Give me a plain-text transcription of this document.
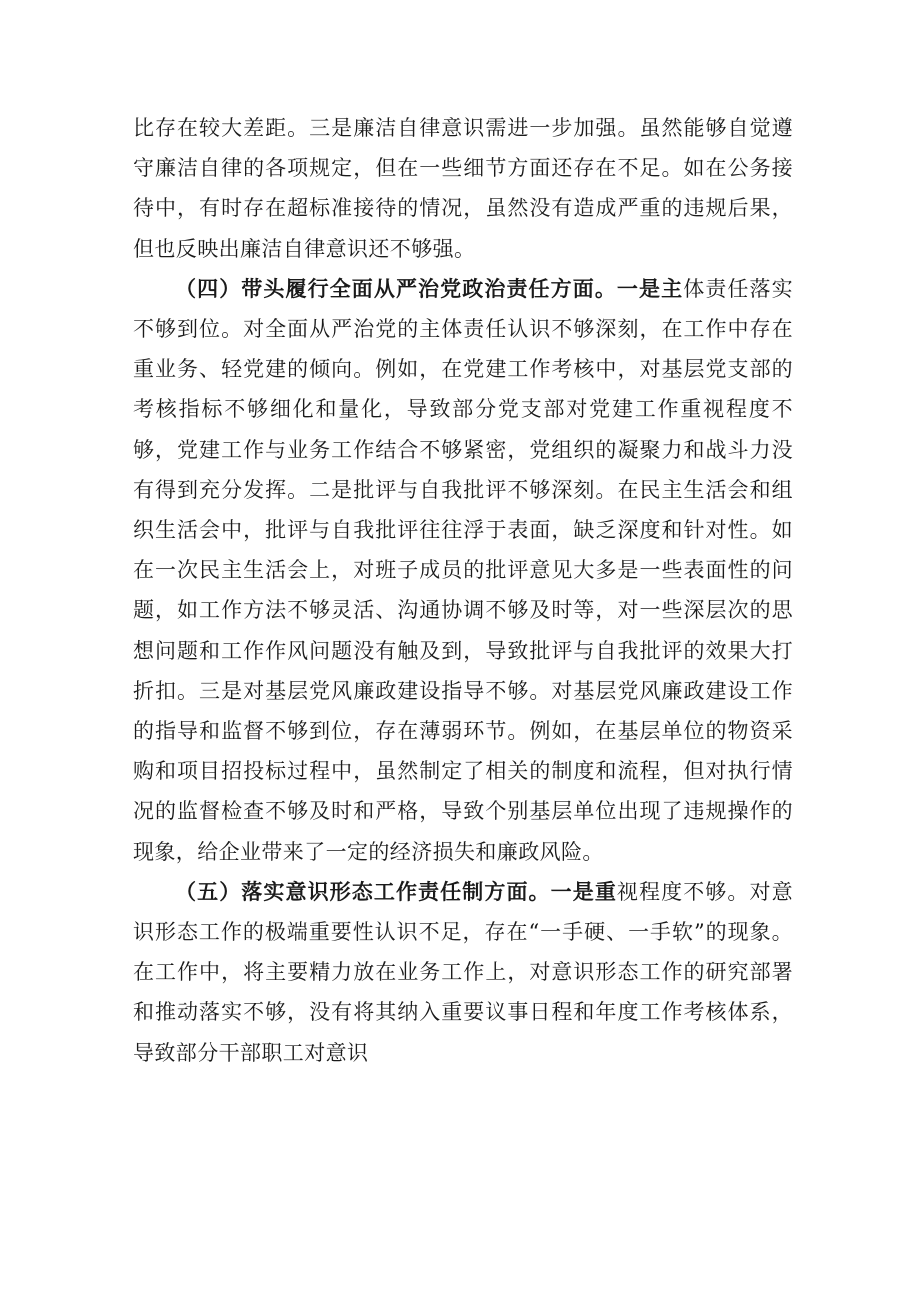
比存在较大差距。三是廉洁自律意识需进一步加强。虽然能够自觉遵守廉洁自律的各项规定，但在一些细节方面还存在不足。如在公务接待中，有时存在超标准接待的情况，虽然没有造成严重的违规后果，但也反映出廉洁自律意识还不够强。

（四）带头履行全面从严治党政治责任方面。一是主体责任落实不够到位。对全面从严治党的主体责任认识不够深刻，在工作中存在重业务、轻党建的倾向。例如，在党建工作考核中，对基层党支部的考核指标不够细化和量化，导致部分党支部对党建工作重视程度不够，党建工作与业务工作结合不够紧密，党组织的凝聚力和战斗力没有得到充分发挥。二是批评与自我批评不够深刻。在民主生活会和组织生活会中，批评与自我批评往往浮于表面，缺乏深度和针对性。如在一次民主生活会上，对班子成员的批评意见大多是一些表面性的问题，如工作方法不够灵活、沟通协调不够及时等，对一些深层次的思想问题和工作作风问题没有触及到，导致批评与自我批评的效果大打折扣。三是对基层党风廉政建设指导不够。对基层党风廉政建设工作的指导和监督不够到位，存在薄弱环节。例如，在基层单位的物资采购和项目招投标过程中，虽然制定了相关的制度和流程，但对执行情况的监督检查不够及时和严格，导致个别基层单位出现了违规操作的现象，给企业带来了一定的经济损失和廉政风险。

（五）落实意识形态工作责任制方面。一是重视程度不够。对意识形态工作的极端重要性认识不足，存在“一手硬、一手软”的现象。在工作中，将主要精力放在业务工作上，对意识形态工作的研究部署和推动落实不够，没有将其纳入重要议事日程和年度工作考核体系，导致部分干部职工对意识
